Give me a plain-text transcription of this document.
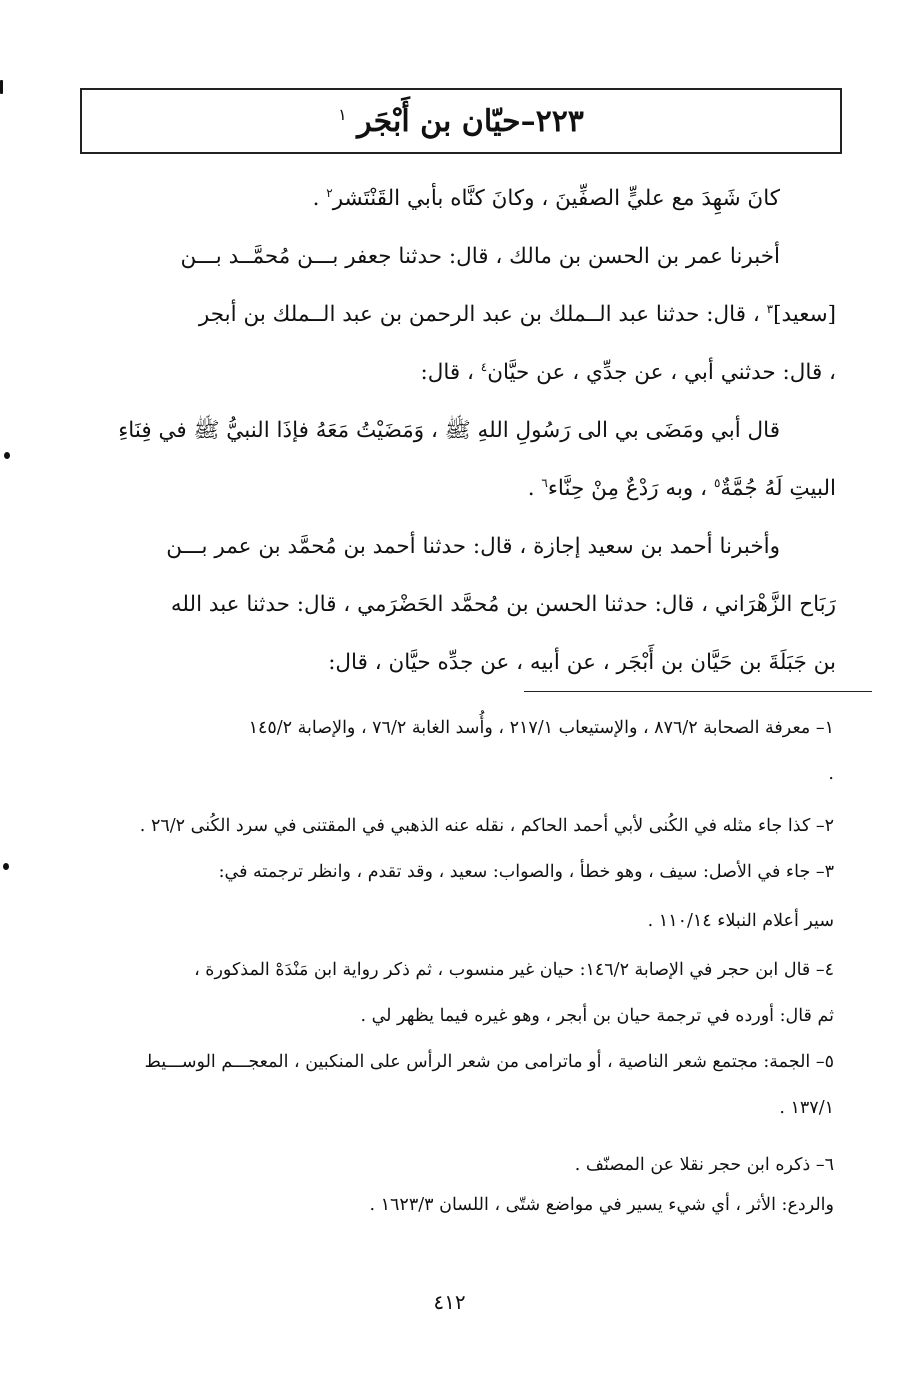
٢٢٣–حيّان بن أَبْجَر $^١$
كانَ شَهِدَ مع عليٍّ الصفِّينَ ، وكانَ كنَّاه بأبي القَنْتَشر$^٢$ .
أخبرنا عمر بن الحسن بن مالك ، قال: حدثنا جعفر بـــن مُحمَّــد بـــن
[سعيد]$^٣$ ، قال: حدثنا عبد الــملك بن عبد الرحمن بن عبد الــملك بن أبجر
، قال: حدثني أبي ، عن جدِّي ، عن حيَّان$^٤$ ، قال:
قال أبي ومَضَى بي الى رَسُولِ اللهِ ﷺ ، وَمَضَيْتُ مَعَهُ فإذَا النبيُّ ﷺ في فِنَاءِ
البيتِ لَهُ جُمَّةٌ$^٥$ ، وبه رَدْعٌ مِنْ حِنَّاء$^٦$ .
وأخبرنا أحمد بن سعيد إجازة ، قال: حدثنا أحمد بن مُحمَّد بن عمر بـــن
رَبَاح الزَّهْرَاني ، قال: حدثنا الحسن بن مُحمَّد الحَضْرَمي ، قال: حدثنا عبد الله
بن جَبَلَةَ بن حَيَّان بن أَبْجَر ، عن أبيه ، عن جدِّه حيَّان ، قال:
١– معرفة الصحابة ٨٧٦/٢ ، والإستيعاب ٢١٧/١ ، وأُسد الغابة ٧٦/٢ ، والإصابة ١٤٥/٢
.
٢– كذا جاء مثله في الكُنى لأبي أحمد الحاكم ، نقله عنه الذهبي في المقتنى في سرد الكُنى ٢٦/٢ .
٣– جاء في الأصل: سيف ، وهو خطأ ، والصواب: سعيد ، وقد تقدم ، وانظر ترجمته في:
سير أعلام النبلاء ١١٠/١٤ .
٤– قال ابن حجر في الإصابة ١٤٦/٢: حيان غير منسوب ، ثم ذكر رواية ابن مَنْدَهْ المذكورة ،
ثم قال: أورده في ترجمة حيان بن أبجر ، وهو غيره فيما يظهر لي .
٥– الجمة: مجتمع شعر الناصية ، أو ماترامى من شعر الرأس على المنكبين ، المعجـــم الوســـيط
١٣٧/١ .
٦– ذكره ابن حجر نقلا عن المصنّف .
والردع: الأثر ، أي شيء يسير في مواضع شتّى ، اللسان ١٦٢٣/٣ .
٤١٢
